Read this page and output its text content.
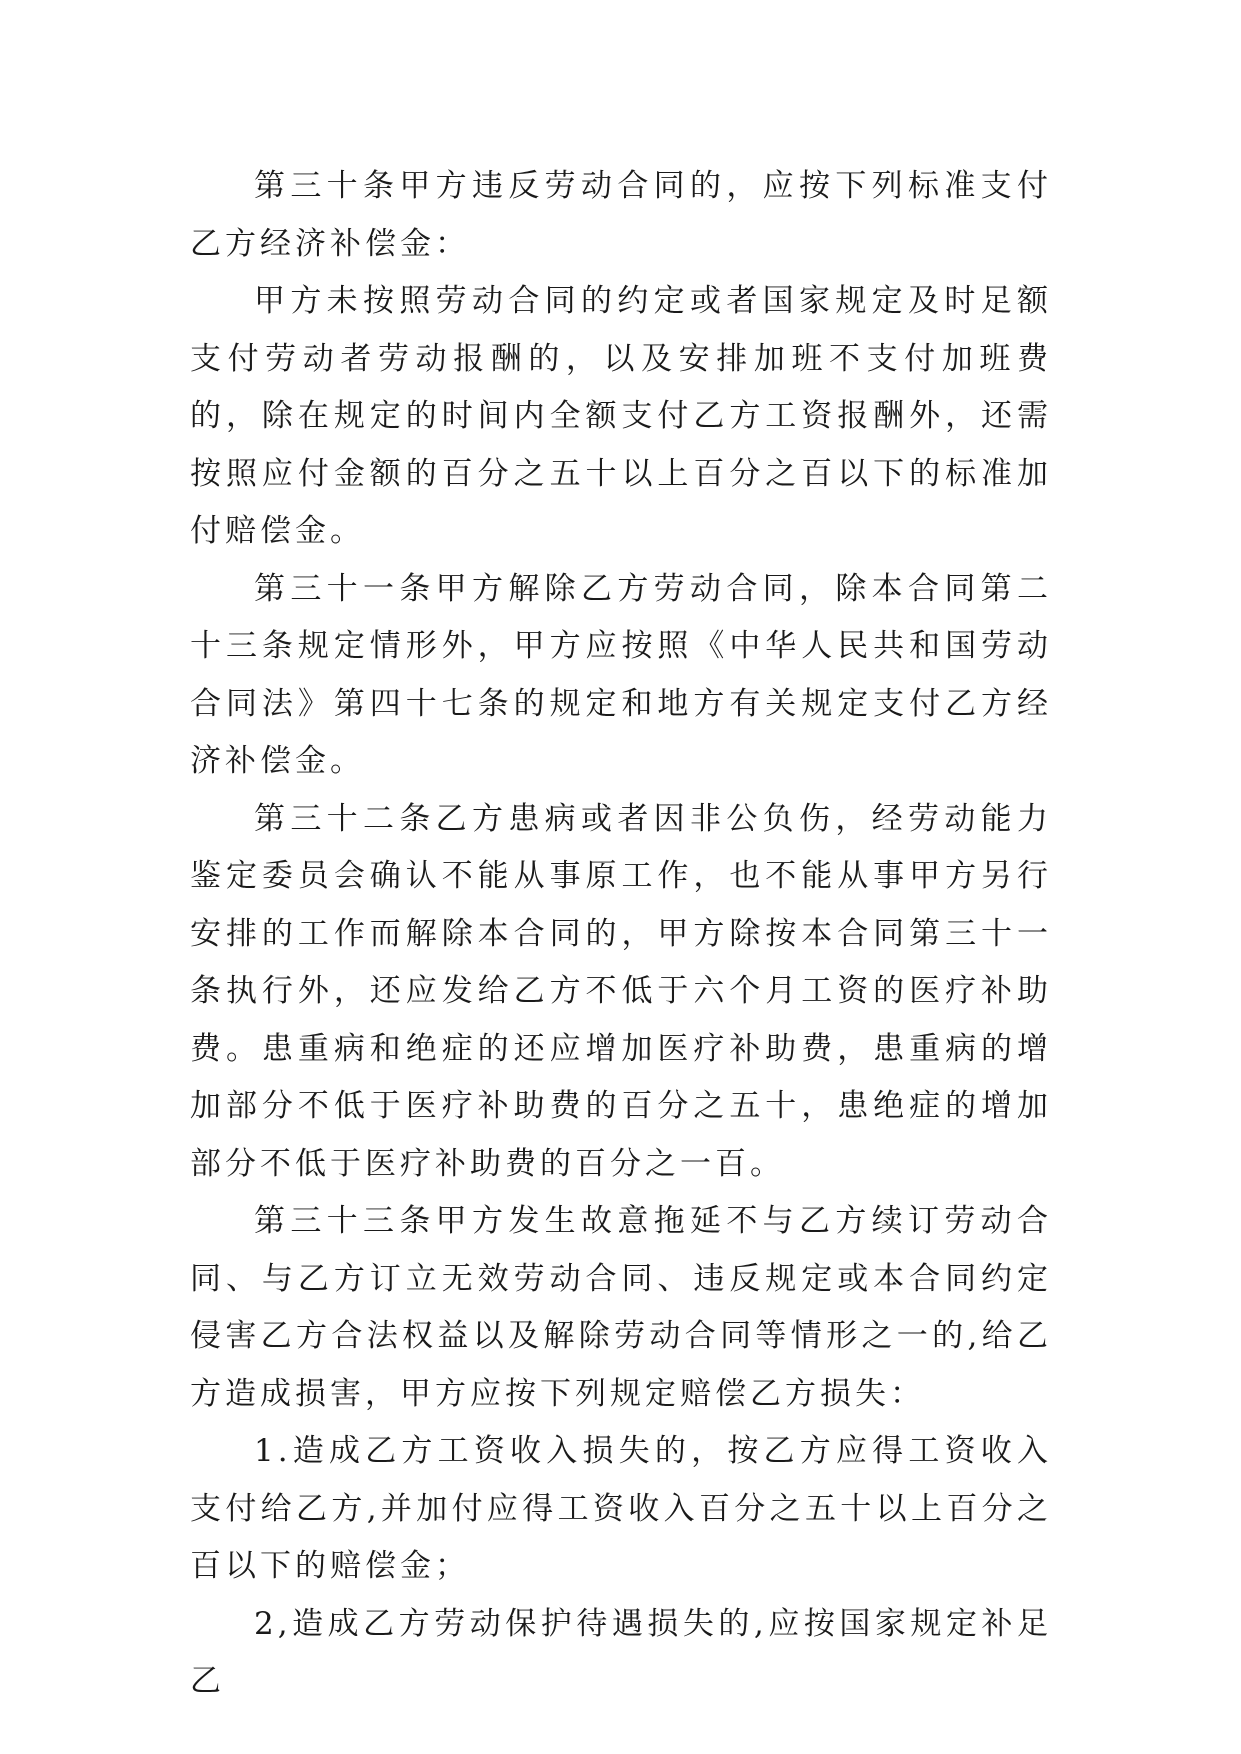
第三十条甲方违反劳动合同的，应按下列标准支付乙方经济补偿金：

甲方未按照劳动合同的约定或者国家规定及时足额支付劳动者劳动报酬的，以及安排加班不支付加班费的，除在规定的时间内全额支付乙方工资报酬外，还需按照应付金额的百分之五十以上百分之百以下的标准加付赔偿金。

第三十一条甲方解除乙方劳动合同，除本合同第二十三条规定情形外，甲方应按照《中华人民共和国劳动合同法》第四十七条的规定和地方有关规定支付乙方经济补偿金。

第三十二条乙方患病或者因非公负伤，经劳动能力鉴定委员会确认不能从事原工作，也不能从事甲方另行安排的工作而解除本合同的，甲方除按本合同第三十一条执行外，还应发给乙方不低于六个月工资的医疗补助费。患重病和绝症的还应增加医疗补助费，患重病的增加部分不低于医疗补助费的百分之五十，患绝症的增加部分不低于医疗补助费的百分之一百。

第三十三条甲方发生故意拖延不与乙方续订劳动合同、与乙方订立无效劳动合同、违反规定或本合同约定侵害乙方合法权益以及解除劳动合同等情形之一的,给乙方造成损害，甲方应按下列规定赔偿乙方损失：

1.造成乙方工资收入损失的，按乙方应得工资收入支付给乙方,并加付应得工资收入百分之五十以上百分之百以下的赔偿金；

2,造成乙方劳动保护待遇损失的,应按国家规定补足乙
